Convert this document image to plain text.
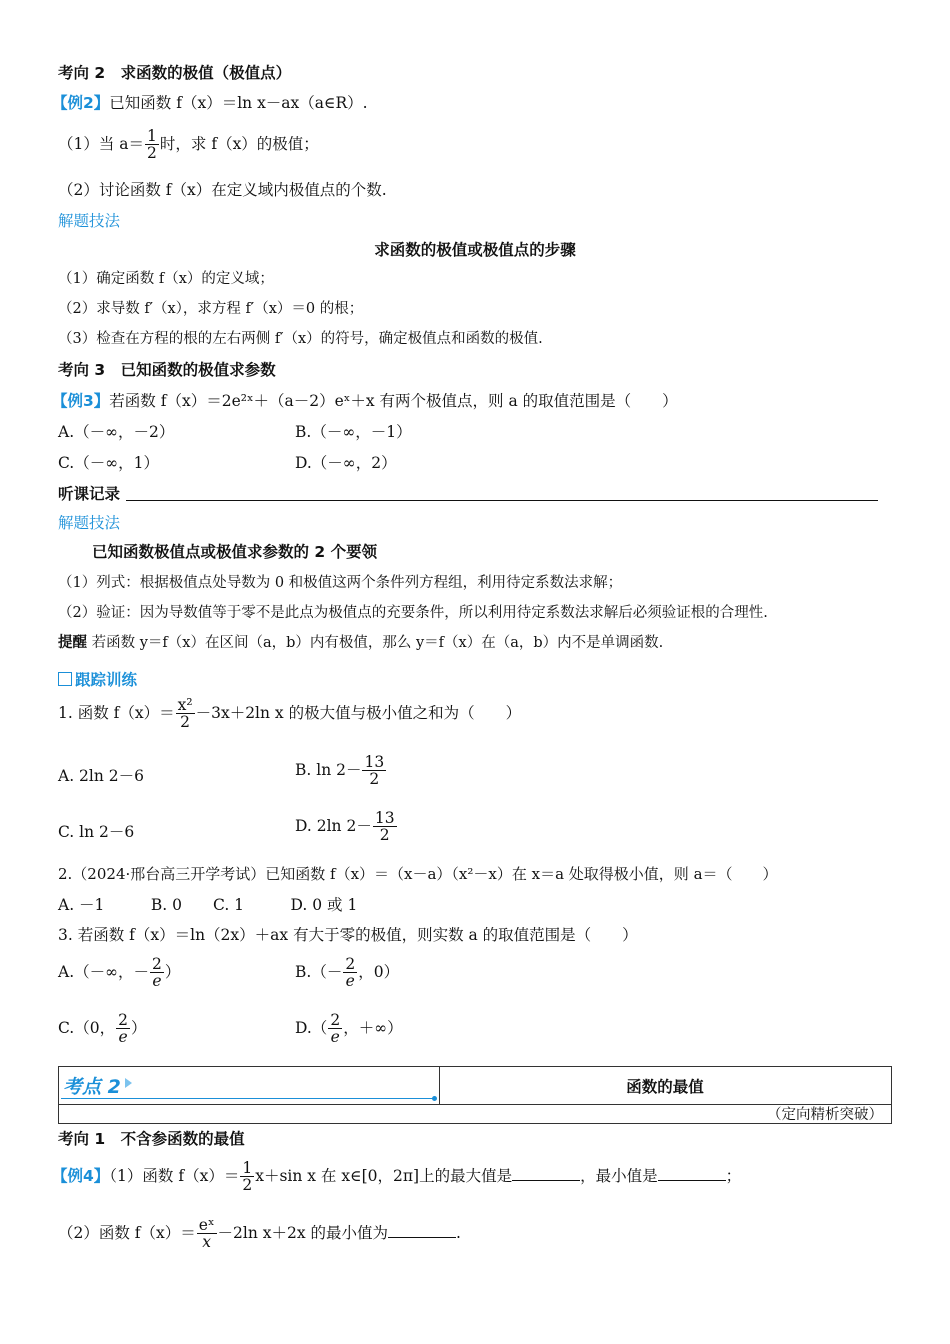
考向 2　求函数的极值（极值点）
【例2】已知函数 f（x）＝ln x－ax（a∈R）.
（1）当 $a= \frac{1}{2}$ 时，求 f（x）的极值；
（2）讨论函数 f（x）在定义域内极值点的个数.
解题技法
求函数的极值或极值点的步骤
（1）确定函数 f（x）的定义域；
（2）求导数 f′（x），求方程 f′（x）＝0 的根；
（3）检查在方程的根的左右两侧 f′（x）的符号，确定极值点和函数的极值.
考向 3　已知函数的极值求参数
【例3】若函数 f（x）＝2e²ˣ＋（a－2）eˣ＋x 有两个极值点，则 a 的取值范围是（　　）
A.（－∞，－2）	B.（－∞，－1）
C.（－∞，1）	D.（－∞，2）
听课记录
解题技法
已知函数极值点或极值求参数的 2 个要领
（1）列式：根据极值点处导数为 0 和极值这两个条件列方程组，利用待定系数法求解；
（2）验证：因为导数值等于零不是此点为极值点的充要条件，所以利用待定系数法求解后必须验证根的合理性.
提醒 若函数 y＝f（x）在区间（a，b）内有极值，那么 y＝f（x）在（a，b）内不是单调函数.
跟踪训练
1. 函数 $f(x)= \frac{\text{x²}}{2} -3x+2\ln$ x 的极大值与极小值之和为（　　）
A. 2ln 2－6	B. $\ln 2- \frac{13}{2}$
C. ln 2－6	D. 2ln $2- \frac{13}{2}$
2.（2024·邢台高三开学考试）已知函数 f（x）＝（x－a）（x²－x）在 x＝a 处取得极小值，则 a＝（　　）
A. －1　　　B. 0　　C. 1　　　D. 0 或 1
3. 若函数 f（x）＝ln（2x）＋ax 有大于零的极值，则实数 a 的取值范围是（　　）
A.（－∞，－ $\frac{2}{e}$ ）	$B.(- \frac{2}{e}$ ，0）
C.（0， $\frac{2}{e}$ ）	$D.( \frac{2}{e}$ ，＋∞）
考点 2	函数的最值
（定向精析突破）
考向 1　不含参函数的最值
【例4】（1）函数 $f(x)= \frac{1}{2} x+\sin$ x 在 x∈[0，2π]上的最大值是	，最小值是	；
（2）函数 $f(x)= \frac{\text{eˣ}}{x} -2\ln$ x＋2x 的最小值为	.
